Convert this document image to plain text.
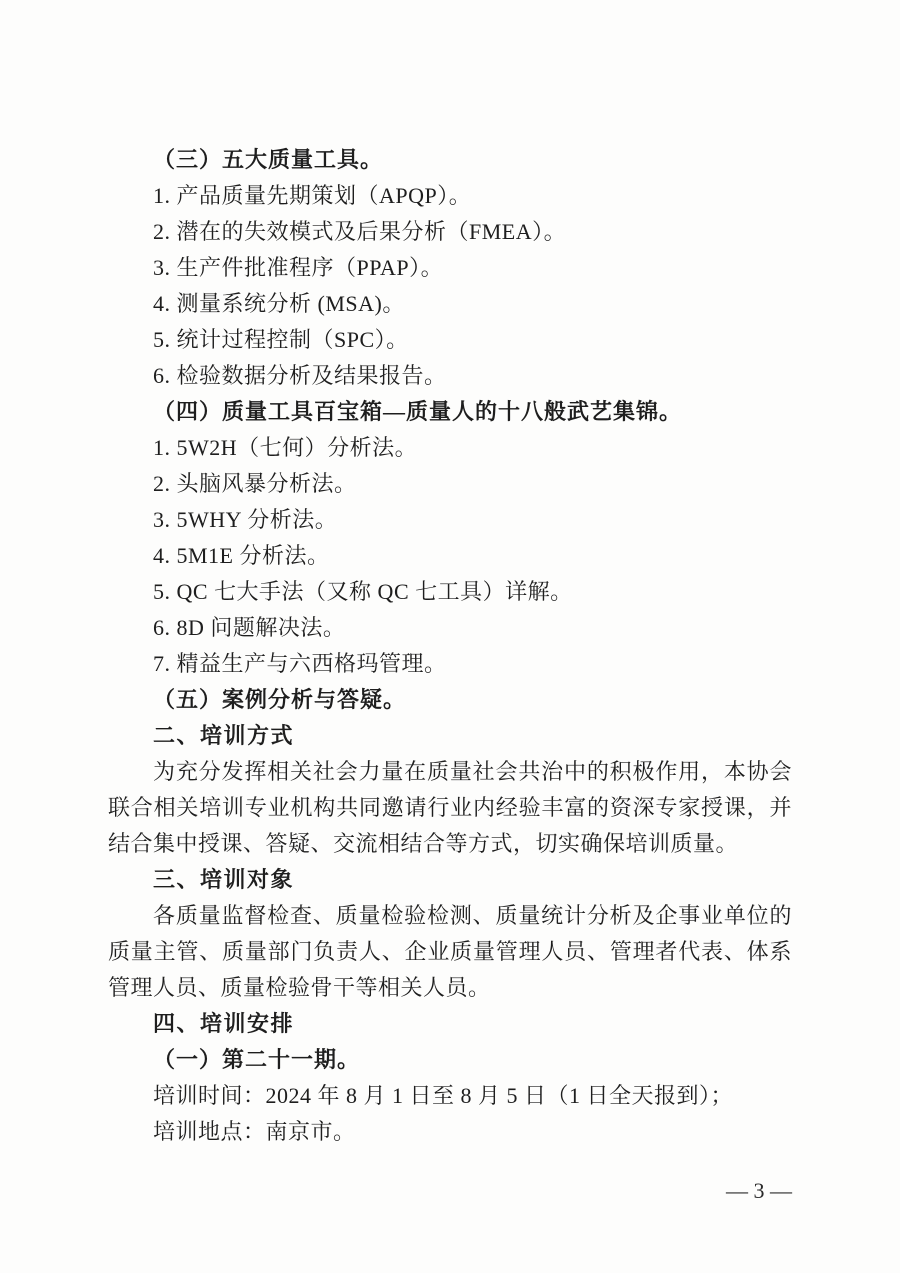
（三）五大质量工具。
1. 产品质量先期策划（APQP）。
2. 潜在的失效模式及后果分析（FMEA）。
3. 生产件批准程序（PPAP）。
4. 测量系统分析 (MSA)。
5. 统计过程控制（SPC）。
6. 检验数据分析及结果报告。
（四）质量工具百宝箱—质量人的十八般武艺集锦。
1. 5W2H（七何）分析法。
2. 头脑风暴分析法。
3. 5WHY 分析法。
4. 5M1E 分析法。
5. QC 七大手法（又称 QC 七工具）详解。
6. 8D 问题解决法。
7. 精益生产与六西格玛管理。
（五）案例分析与答疑。
二、培训方式
为充分发挥相关社会力量在质量社会共治中的积极作用，本协会
联合相关培训专业机构共同邀请行业内经验丰富的资深专家授课，并
结合集中授课、答疑、交流相结合等方式，切实确保培训质量。
三、培训对象
各质量监督检查、质量检验检测、质量统计分析及企事业单位的
质量主管、质量部门负责人、企业质量管理人员、管理者代表、体系
管理人员、质量检验骨干等相关人员。
四、培训安排
（一）第二十一期。
培训时间：2024 年 8 月 1 日至 8 月 5 日（1 日全天报到）；
培训地点：南京市。
— 3 —
